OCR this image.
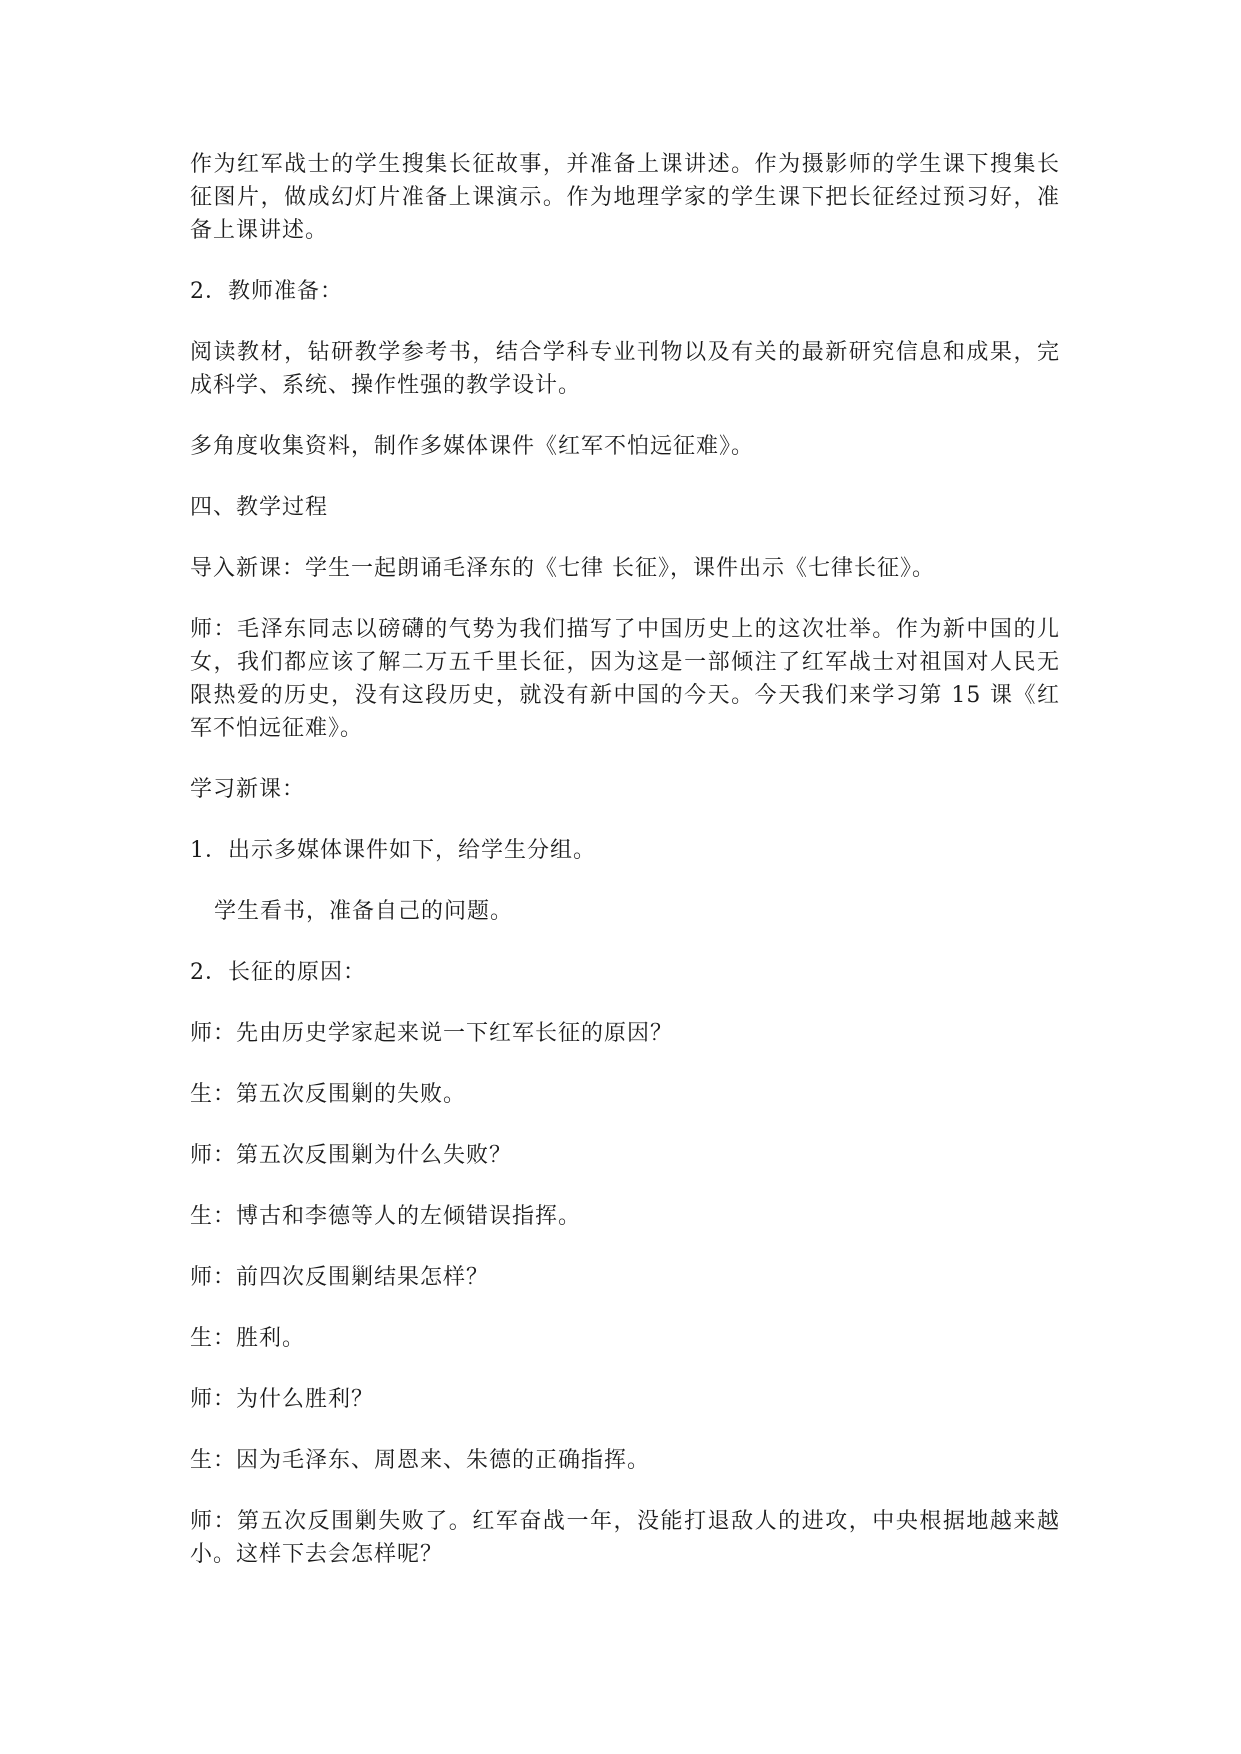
作为红军战士的学生搜集长征故事，并准备上课讲述。作为摄影师的学生课下搜集长征图片，做成幻灯片准备上课演示。作为地理学家的学生课下把长征经过预习好，准备上课讲述。

2．教师准备：

阅读教材，钻研教学参考书，结合学科专业刊物以及有关的最新研究信息和成果，完成科学、系统、操作性强的教学设计。

多角度收集资料，制作多媒体课件《红军不怕远征难》。

四、教学过程

导入新课：学生一起朗诵毛泽东的《七律 长征》，课件出示《七律长征》。

师：毛泽东同志以磅礴的气势为我们描写了中国历史上的这次壮举。作为新中国的儿女，我们都应该了解二万五千里长征，因为这是一部倾注了红军战士对祖国对人民无限热爱的历史，没有这段历史，就没有新中国的今天。今天我们来学习第 15 课《红军不怕远征难》。

学习新课：

1．出示多媒体课件如下，给学生分组。

学生看书，准备自己的问题。

2．长征的原因：

师：先由历史学家起来说一下红军长征的原因？

生：第五次反围剿的失败。

师：第五次反围剿为什么失败？

生：博古和李德等人的左倾错误指挥。

师：前四次反围剿结果怎样？

生：胜利。

师：为什么胜利？

生：因为毛泽东、周恩来、朱德的正确指挥。

师：第五次反围剿失败了。红军奋战一年，没能打退敌人的进攻，中央根据地越来越小。这样下去会怎样呢？
